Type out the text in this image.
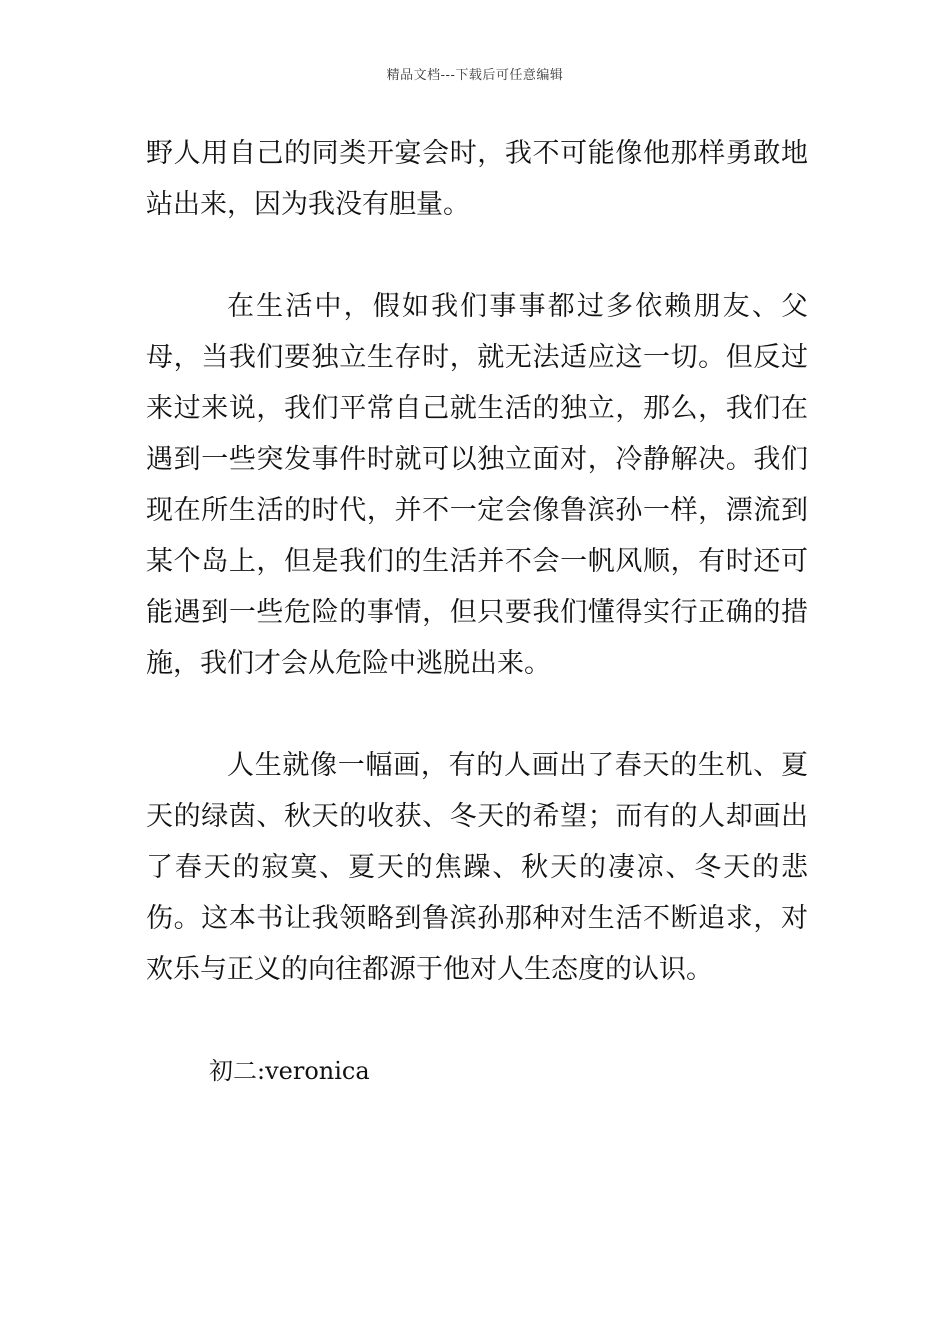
精品文档---下载后可任意编辑

野人用自己的同类开宴会时，我不可能像他那样勇敢地站出来，因为我没有胆量。

在生活中，假如我们事事都过多依赖朋友、父母，当我们要独立生存时，就无法适应这一切。但反过来过来说，我们平常自己就生活的独立，那么，我们在遇到一些突发事件时就可以独立面对，冷静解决。我们现在所生活的时代，并不一定会像鲁滨孙一样，漂流到某个岛上，但是我们的生活并不会一帆风顺，有时还可能遇到一些危险的事情，但只要我们懂得实行正确的措施，我们才会从危险中逃脱出来。

人生就像一幅画，有的人画出了春天的生机、夏天的绿茵、秋天的收获、冬天的希望；而有的人却画出了春天的寂寞、夏天的焦躁、秋天的凄凉、冬天的悲伤。这本书让我领略到鲁滨孙那种对生活不断追求，对欢乐与正义的向往都源于他对人生态度的认识。

初二:veronica
